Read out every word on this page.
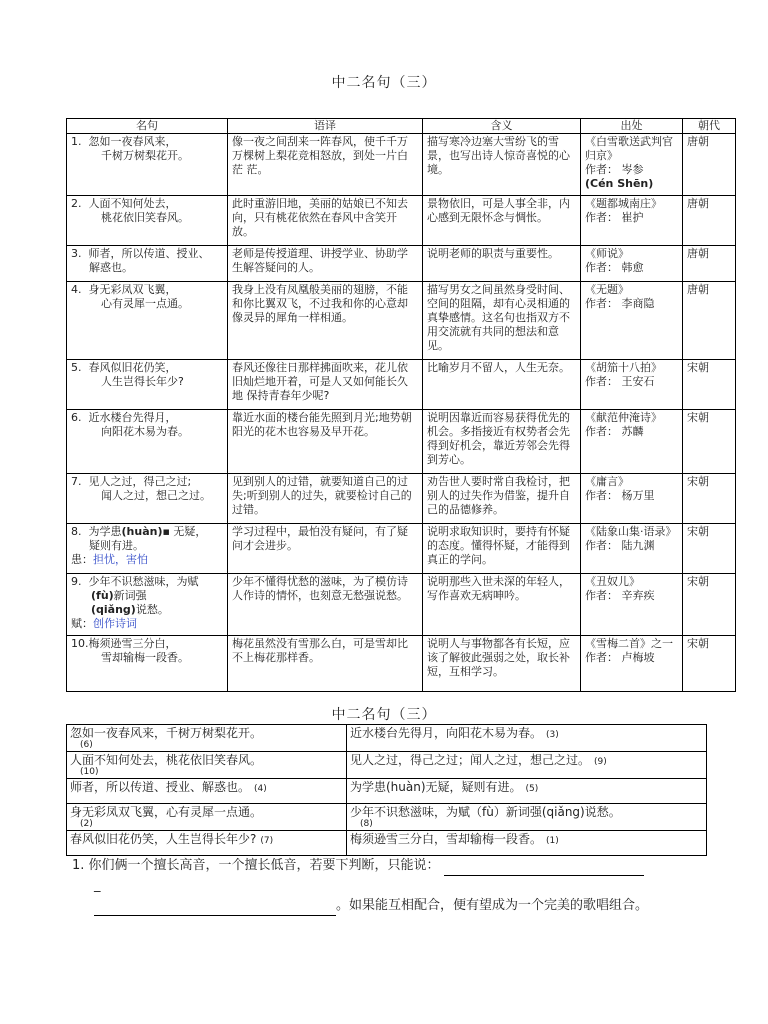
中二名句（三）
名句	语译	含义	出处	朝代
1. 忽如一夜春风来，
千树万树梨花开。	像一夜之间刮来一阵春风，使千千万万棵树上梨花竞相怒放，到处一片白茫 茫。	描写寒冷边塞大雪纷飞的雪景，也写出诗人惊奇喜悦的心境。	《白雪歌送武判官归京》
作者： 岑参
(Cén Shēn)	唐朝
2. 人面不知何处去，
桃花依旧笑春风。	此时重游旧地，美丽的姑娘已不知去向，只有桃花依然在春风中含笑开放。	景物依旧，可是人事全非，内心感到无限怀念与惆怅。	《题都城南庄》
作者： 崔护	唐朝
3. 师者，所以传道、授业、
解惑也。	老师是传授道理、讲授学业、协助学生解答疑问的人。	说明老师的职责与重要性。	《师说》
作者： 韩愈	唐朝
4. 身无彩凤双飞翼，
心有灵犀一点通。	我身上没有凤凰般美丽的翅膀，不能和你比翼双飞，不过我和你的心意却像灵异的犀角一样相通。	描写男女之间虽然身受时间、空间的阻隔，却有心灵相通的真挚感情。这名句也指双方不用交流就有共同的想法和意见。	《无题》
作者： 李商隐	唐朝
5. 春风似旧花仍笑，
人生岂得长年少?	春风还像往日那样拂面吹来，花儿依旧灿烂地开着，可是人又如何能长久地 保持青春年少呢?	比喻岁月不留人，人生无奈。	《胡笳十八拍》
作者： 王安石	宋朝
6. 近水楼台先得月，
向阳花木易为春。	靠近水面的楼台能先照到月光;地势朝阳光的花木也容易及早开花。	说明因靠近而容易获得优先的机会。多指接近有权势者会先得到好机会，靠近芳邻会先得到芳心。	《献范仲淹诗》
作者： 苏麟	宋朝
7. 见人之过，得己之过;
闻人之过，想己之过。	见到别人的过错，就要知道自己的过失;听到别人的过失，就要检讨自己的过错。	劝告世人要时常自我检讨，把别人的过失作为借鉴，提升自己的品德修养。	《庸言》
作者： 杨万里	宋朝
8. 为学患(huàn)▪ 无疑，
疑则有进。
患：担忧，害怕	学习过程中，最怕没有疑问，有了疑问才会进步。	说明求取知识时，要持有怀疑的态度。懂得怀疑，才能得到真正的学问。	《陆象山集·语录》
作者： 陆九渊	宋朝
9. 少年不识愁滋味，为赋
(fù)新词强
(qiǎng)说愁。
赋：创作诗词	少年不懂得忧愁的滋味，为了模仿诗人作诗的情怀，也刻意无愁强说愁。	说明那些入世未深的年轻人，写作喜欢无病呻吟。	《丑奴儿》
作者： 辛弃疾	宋朝
10. 梅须逊雪三分白，
雪却输梅一段香。	梅花虽然没有雪那么白，可是雪却比不上梅花那样香。	说明人与事物都各有长短，应该了解彼此强弱之处，取长补短，互相学习。	《雪梅二首》之一
作者： 卢梅坡	宋朝
中二名句（三）
忽如一夜春风来，千树万树梨花开。
(6)	近水楼台先得月，向阳花木易为春。 (3)
人面不知何处去，桃花依旧笑春风。
(10)	见人之过，得己之过；闻人之过，想己之过。 (9)
师者，所以传道、授业、解惑也。 (4)	为学患(huàn)无疑，疑则有进。 (5)
身无彩凤双飞翼，心有灵犀一点通。
(2)	少年不识愁滋味，为赋（fù）新词强(qiǎng)说愁。
(8)

春风似旧花仍笑，人生岂得长年少? (7)	梅须逊雪三分白，雪却输梅一段香。 (1)
1. 你们俩一个擅长高音，一个擅长低音，若要下判断，只能说：
_
。如果能互相配合，便有望成为一个完美的歌唱组合。
